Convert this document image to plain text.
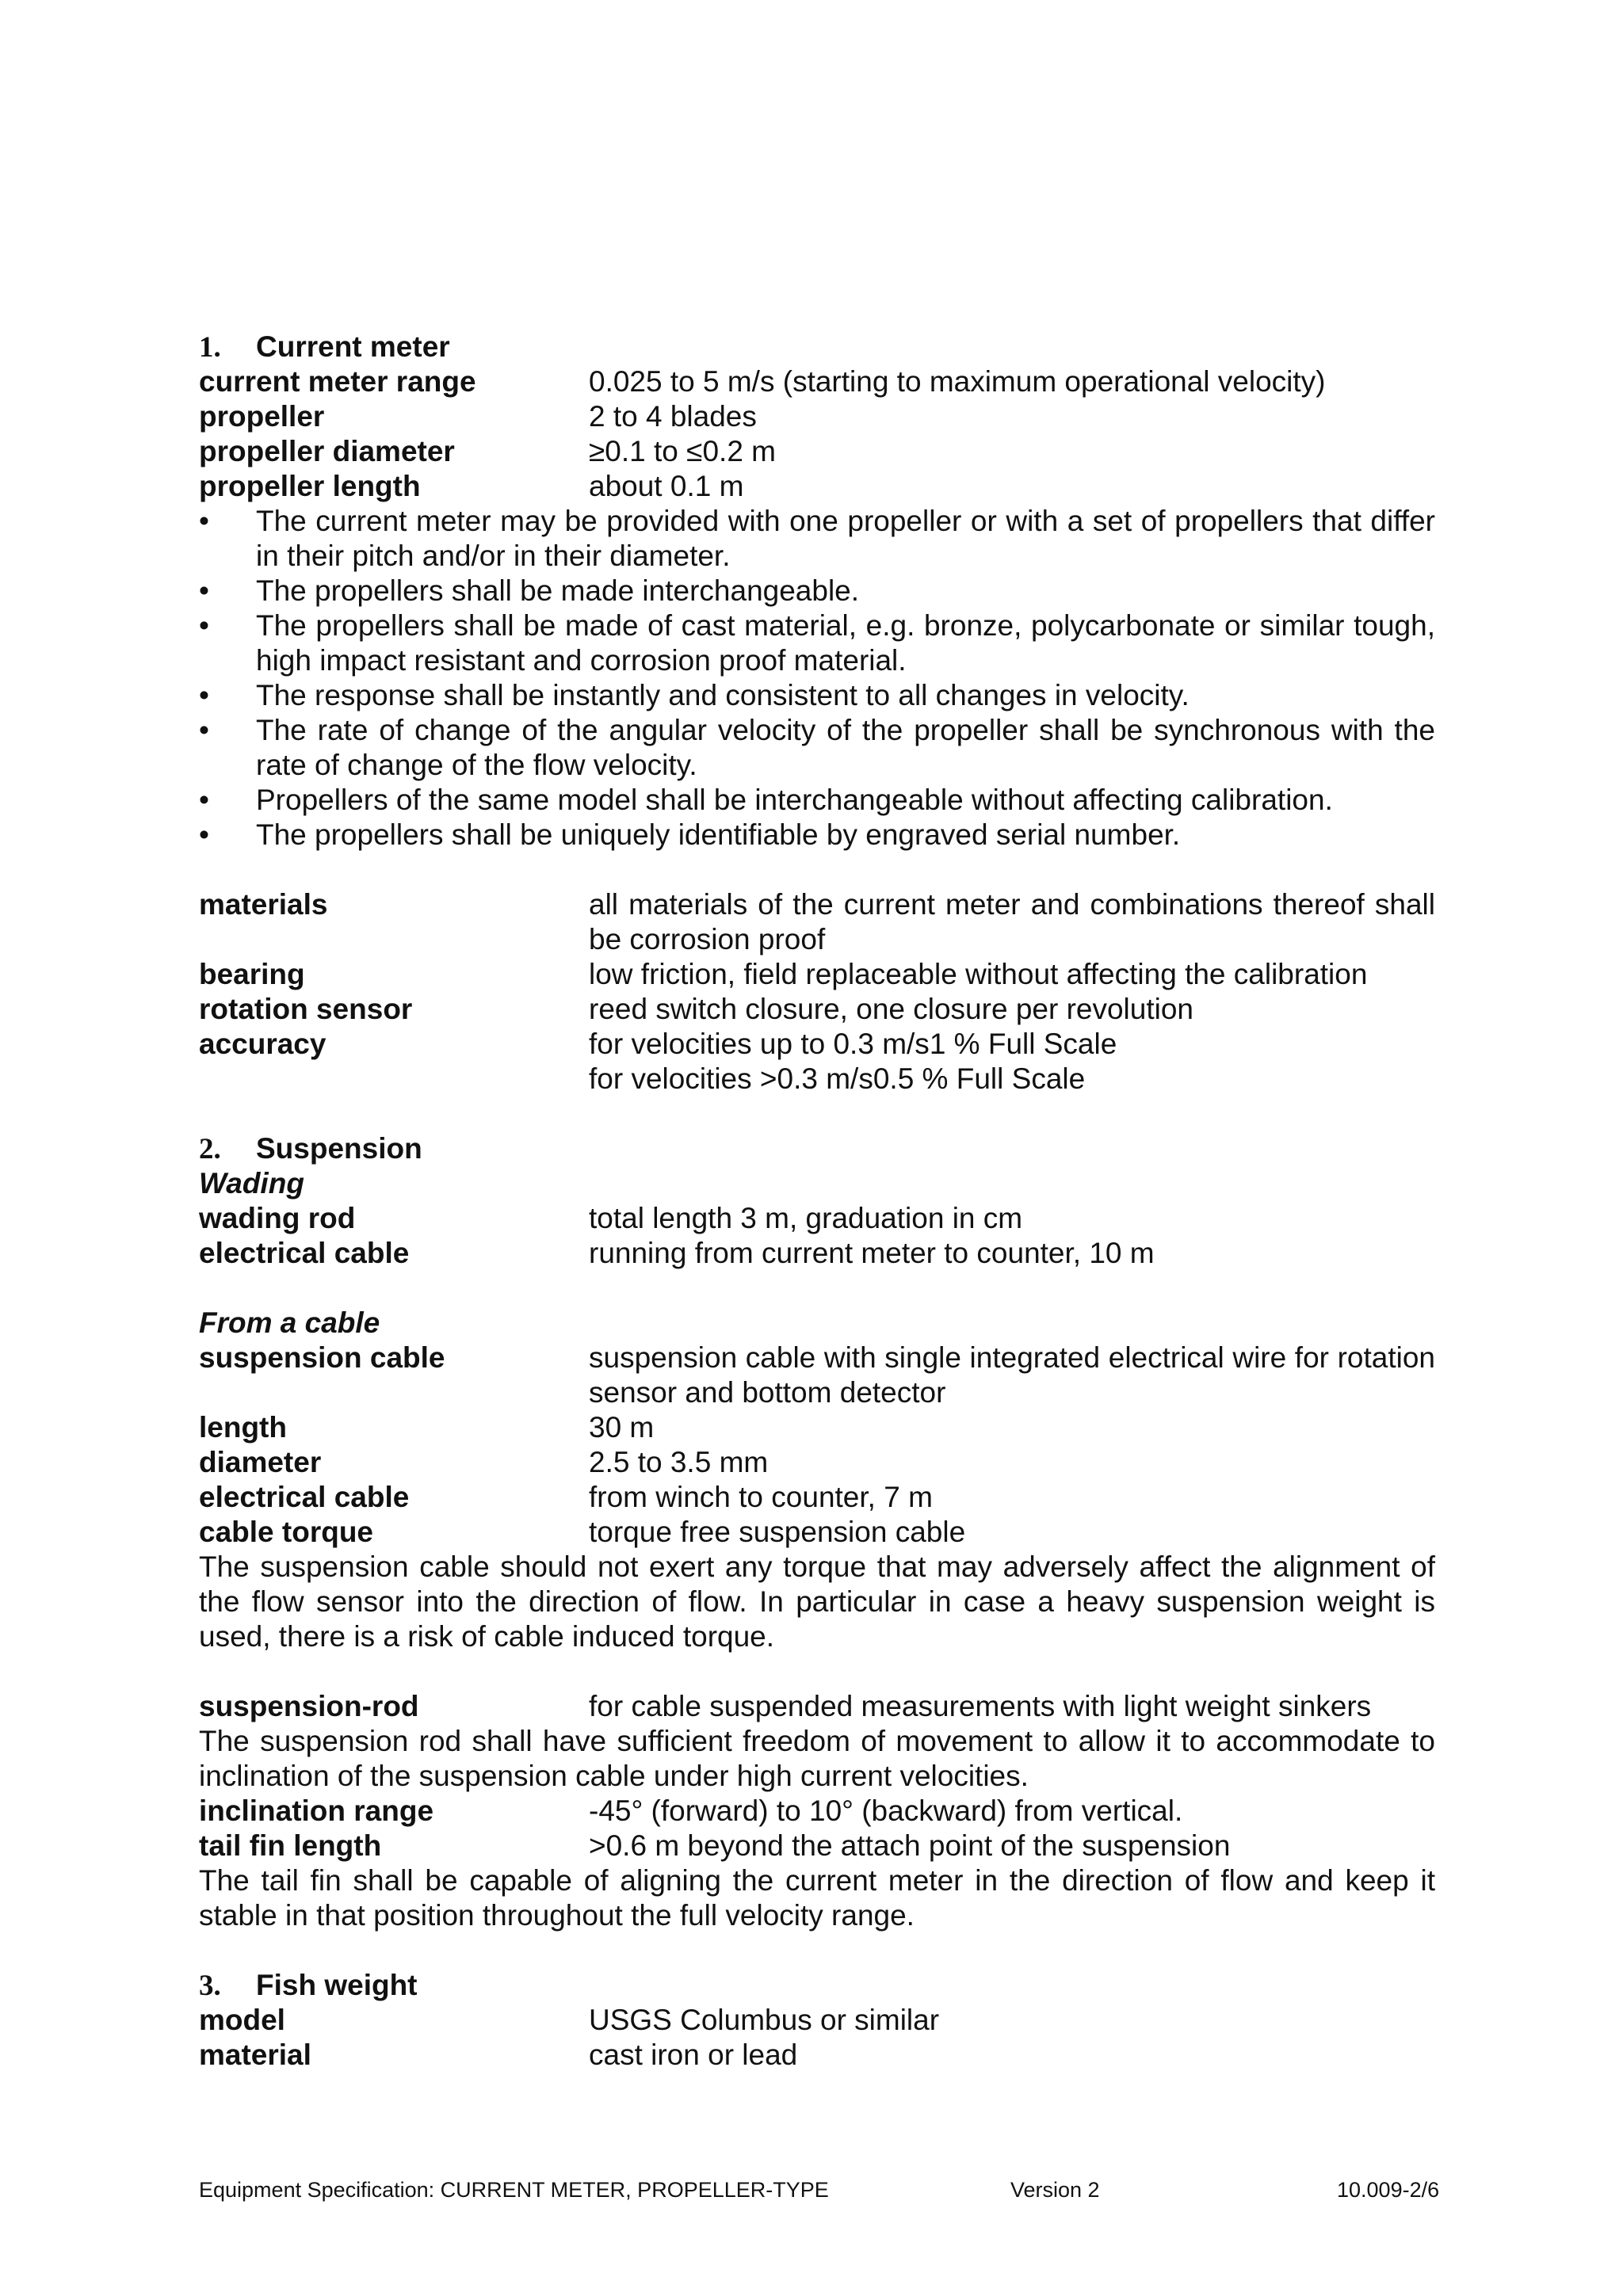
1. Current meter
current meter range	0.025 to 5 m/s (starting to maximum operational velocity)
propeller	2 to 4 blades
propeller diameter	≥0.1 to ≤0.2 m
propeller length	about 0.1 m
•	The current meter may be provided with one propeller or with a set of propellers that differ in their pitch and/or in their diameter.
•	The propellers shall be made interchangeable.
•	The propellers shall be made of cast material, e.g. bronze, polycarbonate or similar tough, high impact resistant and corrosion proof material.
•	The response shall be instantly and consistent to all changes in velocity.
•	The rate of change of the angular velocity of the propeller shall be synchronous with the rate of change of the flow velocity.
•	Propellers of the same model shall be interchangeable without affecting calibration.
•	The propellers shall be uniquely identifiable by engraved serial number.
materials	all materials of the current meter and combinations thereof shall be corrosion proof
bearing	low friction, field replaceable without affecting the calibration
rotation sensor	reed switch closure, one closure per revolution
accuracy	for velocities up to 0.3 m/s 1 % Full Scale
for velocities >0.3 m/s 0.5 % Full Scale
2. Suspension
Wading
wading rod	total length 3 m, graduation in cm
electrical cable	running from current meter to counter, 10 m
From a cable
suspension cable	suspension cable with single integrated electrical wire for rotation sensor and bottom detector
length	30 m
diameter	2.5 to 3.5 mm
electrical cable	from winch to counter, 7 m
cable torque	torque free suspension cable
The suspension cable should not exert any torque that may adversely affect the alignment of the flow sensor into the direction of flow. In particular in case a heavy suspension weight is used, there is a risk of cable induced torque.
suspension-rod	for cable suspended measurements with light weight sinkers
The suspension rod shall have sufficient freedom of movement to allow it to accommodate to inclination of the suspension cable under high current velocities.
inclination range	-45° (forward) to 10° (backward) from vertical.
tail fin length	>0.6 m beyond the attach point of the suspension
The tail fin shall be capable of aligning the current meter in the direction of flow and keep it stable in that position throughout the full velocity range.
3. Fish weight
model	USGS Columbus or similar
material	cast iron or lead
Equipment Specification: CURRENT METER, PROPELLER-TYPE	Version 2	10.009-2/6
